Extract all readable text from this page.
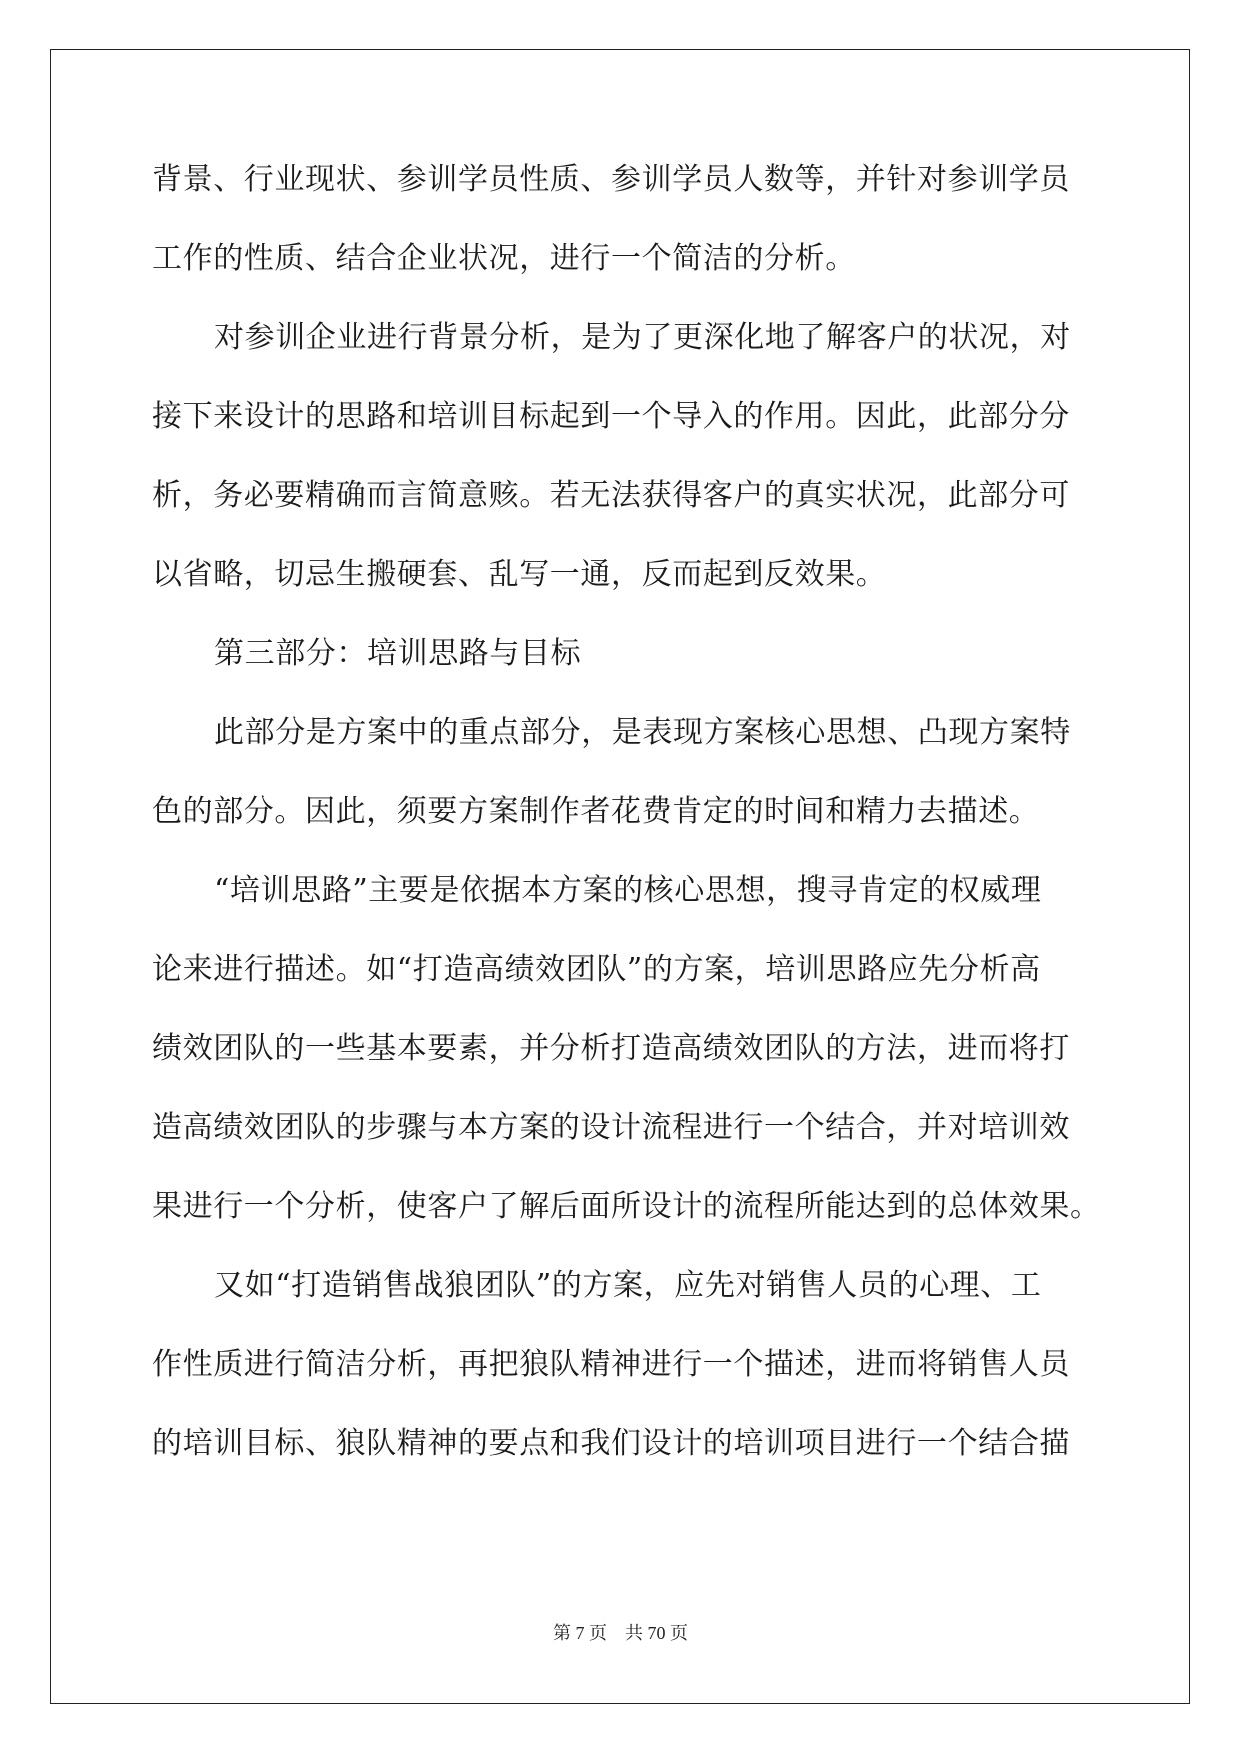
背景、行业现状、参训学员性质、参训学员人数等，并针对参训学员
工作的性质、结合企业状况，进行一个简洁的分析。
对参训企业进行背景分析，是为了更深化地了解客户的状况，对
接下来设计的思路和培训目标起到一个导入的作用。因此，此部分分
析，务必要精确而言简意赅。若无法获得客户的真实状况，此部分可
以省略，切忌生搬硬套、乱写一通，反而起到反效果。
第三部分：培训思路与目标
此部分是方案中的重点部分，是表现方案核心思想、凸现方案特
色的部分。因此，须要方案制作者花费肯定的时间和精力去描述。
“培训思路”主要是依据本方案的核心思想，搜寻肯定的权威理
论来进行描述。如“打造高绩效团队”的方案，培训思路应先分析高
绩效团队的一些基本要素，并分析打造高绩效团队的方法，进而将打
造高绩效团队的步骤与本方案的设计流程进行一个结合，并对培训效
果进行一个分析，使客户了解后面所设计的流程所能达到的总体效果。
又如“打造销售战狼团队”的方案，应先对销售人员的心理、工
作性质进行简洁分析，再把狼队精神进行一个描述，进而将销售人员
的培训目标、狼队精神的要点和我们设计的培训项目进行一个结合描
第 7 页 共 70 页
